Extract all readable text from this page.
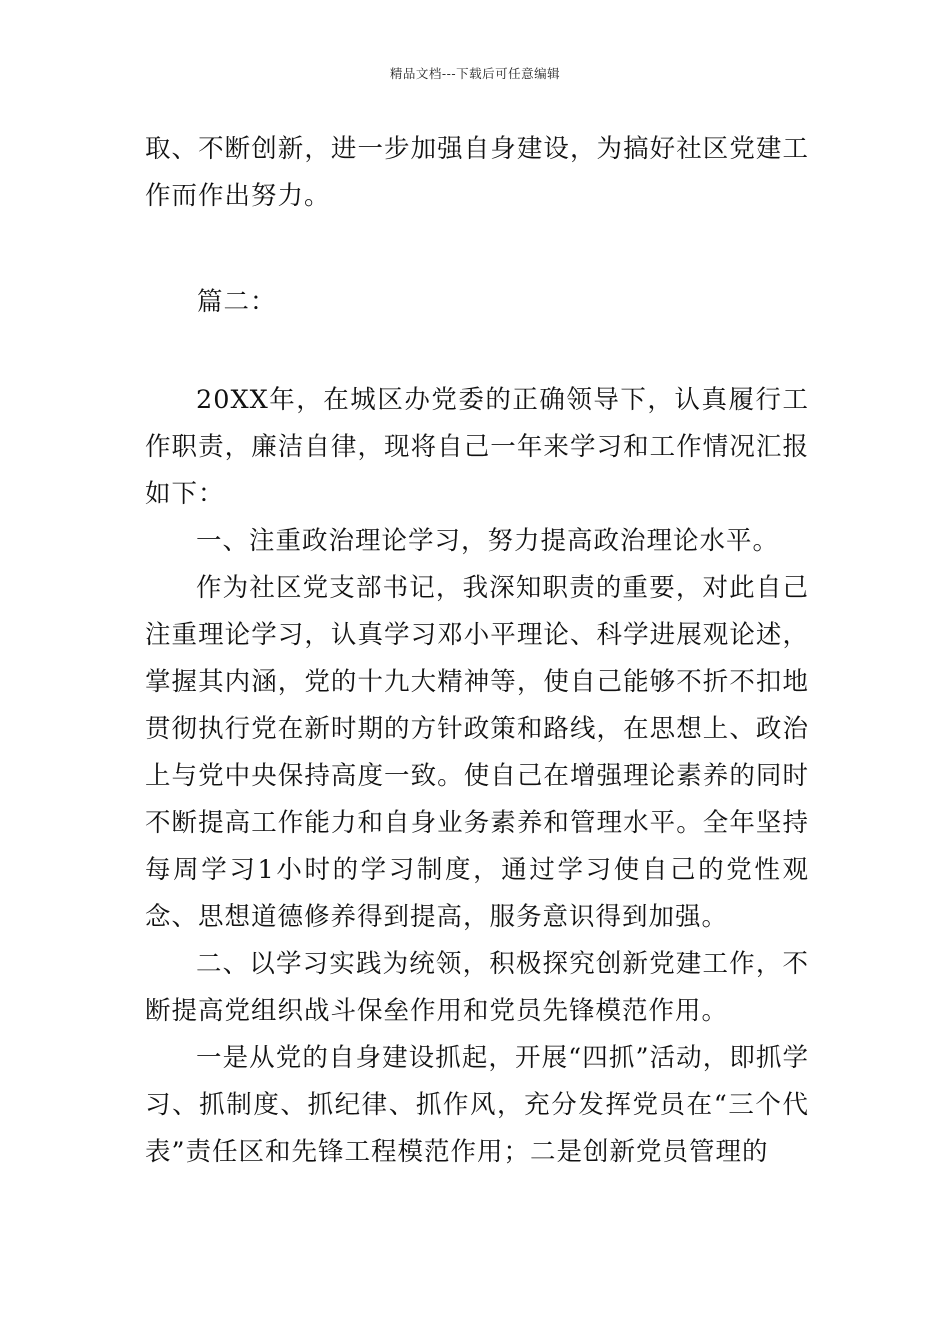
精品文档---下载后可任意编辑
取、不断创新，进一步加强自身建设，为搞好社区党建工作而作出努力。
篇二：

20XX年，在城区办党委的正确领导下，认真履行工作职责，廉洁自律，现将自己一年来学习和工作情况汇报如下：

一、注重政治理论学习，努力提高政治理论水平。

作为社区党支部书记，我深知职责的重要，对此自己注重理论学习，认真学习邓小平理论、科学进展观论述，掌握其内涵，党的十九大精神等，使自己能够不折不扣地贯彻执行党在新时期的方针政策和路线，在思想上、政治上与党中央保持高度一致。使自己在增强理论素养的同时不断提高工作能力和自身业务素养和管理水平。全年坚持每周学习1小时的学习制度，通过学习使自己的党性观念、思想道德修养得到提高，服务意识得到加强。

二、以学习实践为统领，积极探究创新党建工作，不断提高党组织战斗保垒作用和党员先锋模范作用。

一是从党的自身建设抓起，开展“四抓”活动，即抓学习、抓制度、抓纪律、抓作风，充分发挥党员在“三个代表”责任区和先锋工程模范作用；二是创新党员管理的
